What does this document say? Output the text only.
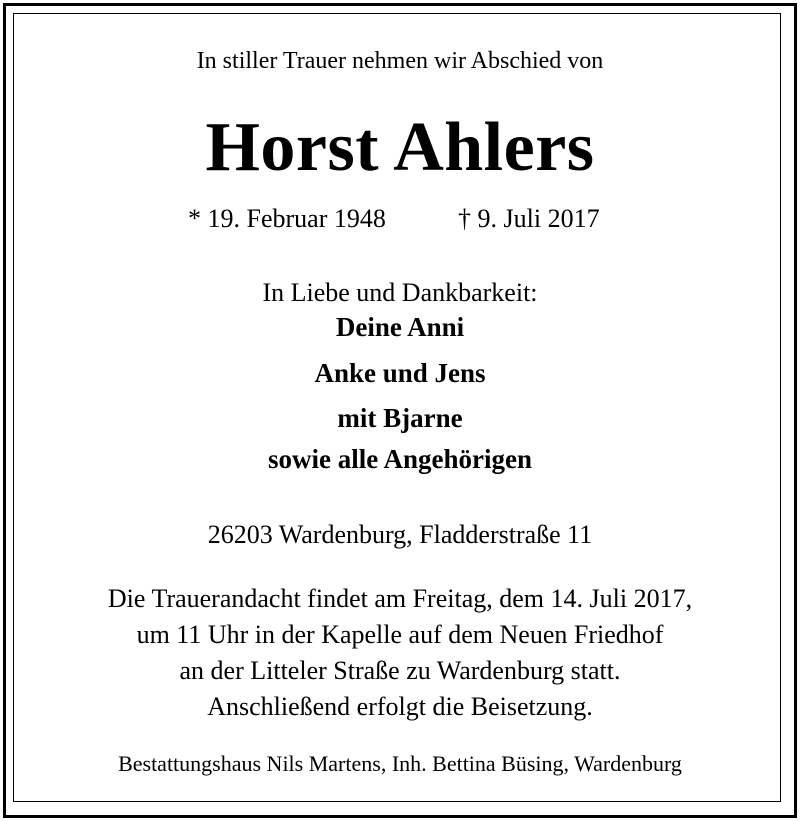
In stiller Trauer nehmen wir Abschied von
Horst Ahlers
* 19. Februar 1948	† 9. Juli 2017
In Liebe und Dankbarkeit:
Deine Anni
Anke und Jens
mit Bjarne
sowie alle Angehörigen
26203 Wardenburg, Fladderstraße 11
Die Trauerandacht findet am Freitag, dem 14. Juli 2017,
um 11 Uhr in der Kapelle auf dem Neuen Friedhof
an der Litteler Straße zu Wardenburg statt.
Anschließend erfolgt die Beisetzung.
Bestattungshaus Nils Martens, Inh. Bettina Büsing, Wardenburg
